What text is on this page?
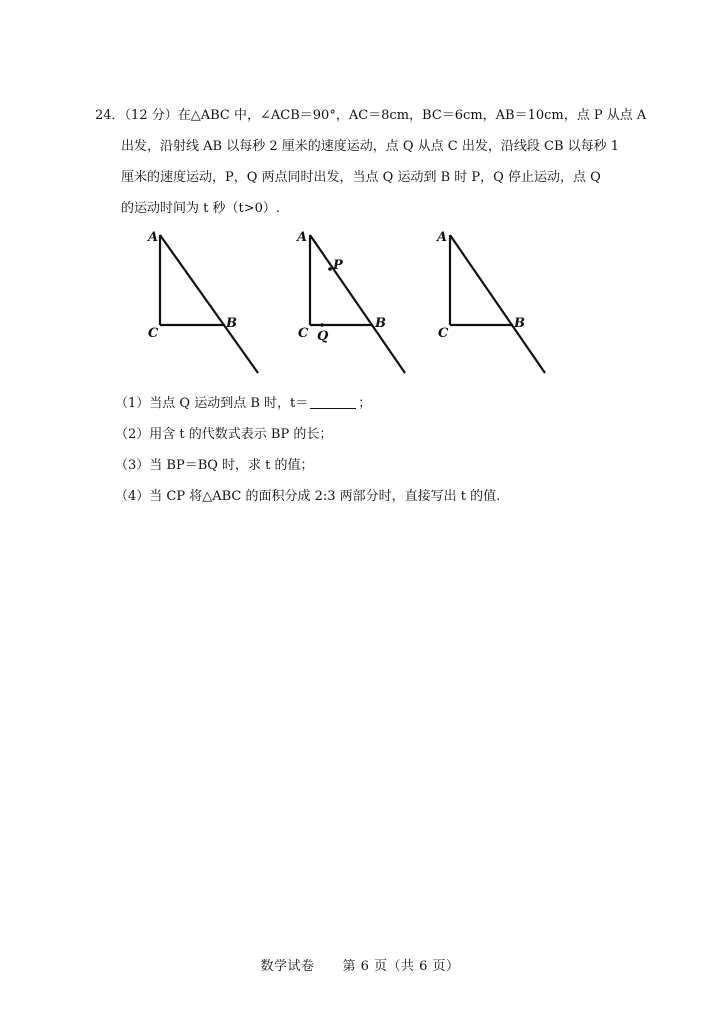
24．（12 分）在△ABC 中，∠ACB＝90°，AC＝8cm，BC＝6cm，AB＝10cm，点 P 从点 A
出发，沿射线 AB 以每秒 2 厘米的速度运动，点 Q 从点 C 出发，沿线段 CB 以每秒 1
厘米的速度运动，P，Q 两点同时出发，当点 Q 运动到 B 时 P，Q 停止运动，点 Q
的运动时间为 t 秒（t>0）.
A
B
C
A
P
B
C Q
A
B
C
（1）当点 Q 运动到点 B 时，t＝	；
（2）用含 t 的代数式表示 BP 的长；
（3）当 BP＝BQ 时，求 t 的值；
（4）当 CP 将△ABC 的面积分成 2:3 两部分时，直接写出 t 的值.
数学试卷 第 6 页（共 6 页）
